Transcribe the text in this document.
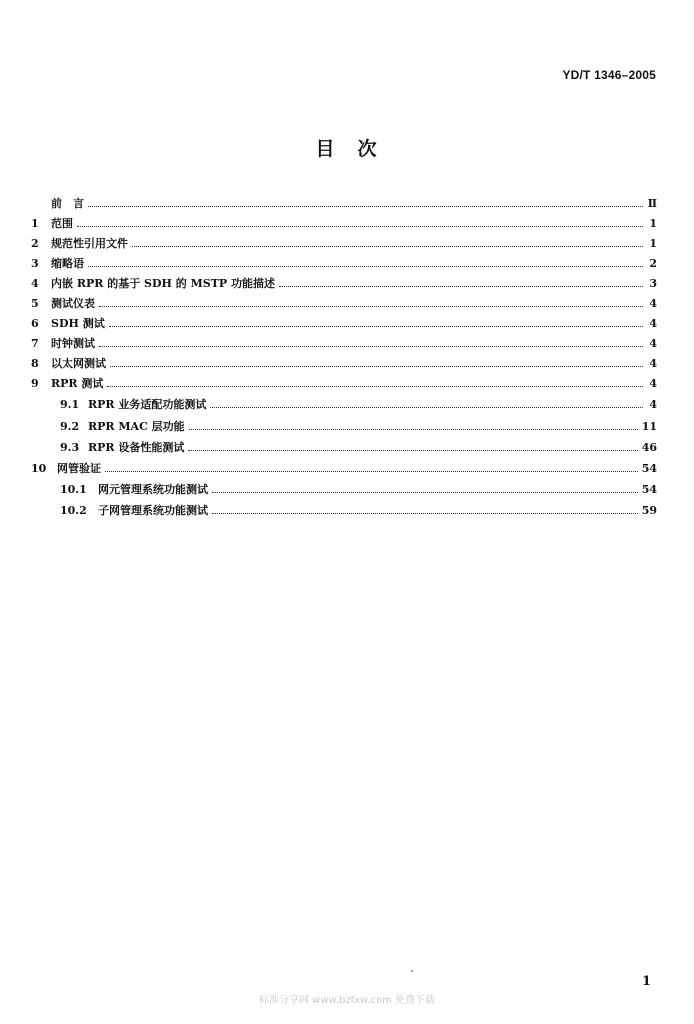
YD/T 1346–2005
目　次
前　言	Ⅱ
1	范围	1
2	规范性引用文件	1
3	缩略语	2
4	内嵌 RPR 的基于 SDH 的 MSTP 功能描述	3
5	测试仪表	4
6	SDH 测试	4
7	时钟测试	4
8	以太网测试	4
9	RPR 测试	4
9.1 RPR 业务适配功能测试	4
9.2 RPR MAC 层功能	11
9.3 RPR 设备性能测试	46
10 网管验证	54
10.1	网元管理系统功能测试	54
10.2	子网管理系统功能测试	59
1
标准分享网 www.bzfxw.com 免费下载
